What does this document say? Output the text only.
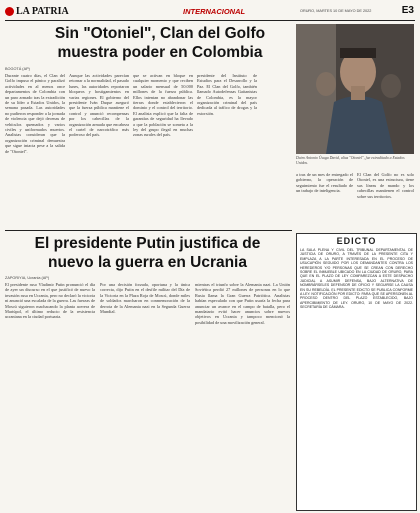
LA PATRIA	INTERNACIONAL	ORURO, MARTES 10 DE MAYO DE 2022	E3
Sin "Otoniel", Clan del Golfo
muestra poder en Colombia
BOGOTÁ (AP)

Durante cuatro días, el Clan del Golfo impuso el pánico y paralizó actividades en al menos once departamentos de Colombia con un paro armado tras la extradición de su líder a Estados Unidos, la semana pasada. Las autoridades no pudieron responder a la jornada de violencia que dejó decenas de vehículos quemados y varios civiles y uniformados muertos. Analistas consideran que la organización criminal demuestra que sigue intacta pese a la salida de "Otoniel".

Aunque las actividades parecían retornar a la normalidad, el pasado lunes, las autoridades reportaron bloqueos y hostigamientos en varias regiones. El gobierno del presidente Iván Duque aseguró que la fuerza pública mantiene el control y anunció recompensas por los cabecillas de la organización armada que encabeza el cartel de narcotráfico más poderoso del país.

que se activan en bloque en cualquier momento y que reciben un salario mensual de 50.000 millones de la fuerza pública. Ellos intentan no abandonar las tierras donde establecieron el dominio y el control del territorio. El analista explicó que la falta de garantías de seguridad ha llevado a que la población se someta a la ley del grupo ilegal en muchas zonas rurales del país.

presidente del Instituto de Estudios para el Desarrollo y la Paz. El Clan del Golfo, también llamado Autodefensas Gaitanistas de Colombia, es la mayor organización criminal del país dedicada al tráfico de drogas y la extorsión.

Dairo Antonio Úsuga David, alias "Otoniel", fue extraditado a Estados Unidos.

a tras de un mes de entregado el gobierno, la operación de seguimiento fue el resultado de un trabajo de inteligencia.

El Clan del Golfo no es solo Otoniel, es una estructura, tiene sus líneas de mando y los cabecillas mantienen el control sobre sus territorios.

El presidente Putin justifica de
nuevo la guerra en Ucrania
ZAPORIYIA, Ucrania (AP)

El presidente ruso Vladimir Putin pronunció el día de ayer un discurso en el que justificó de nuevo la invasión rusa en Ucrania, pero no declaró la victoria ni anunció una escalada de la guerra. Las fuerzas de Moscú siguieron machacando la planta acerera de Mariúpol, el último reducto de la resistencia ucraniana en la ciudad portuaria.

Por una decisión forzada, oportuna y la única correcta, dijo Putin en el desfile militar del Día de la Victoria en la Plaza Roja de Moscú, donde miles de soldados marcharon en conmemoración de la derrota de la Alemania nazi en la Segunda Guerra Mundial.

mientras el triunfo sobre la Alemania nazi. La Unión Soviética perdió 27 millones de personas en lo que Rusia llama la Gran Guerra Patriótica. Analistas habían especulado con que Putin usaría la fecha para anunciar un avance en el campo de batalla, pero el mandatario evitó hacer anuncios sobre nuevos objetivos en Ucrania y tampoco mencionó la posibilidad de una movilización general.

EDICTO
LA SALA PLENA Y CIVIL DEL TRIBUNAL DEPARTAMENTAL DE JUSTICIA DE ORURO, A TRAVÉS DE LA PRESENTE CITA Y EMPLAZA A LA PARTE INTERESADA EN EL PROCESO DE USUCAPIÓN SEGUIDO POR LOS DEMANDANTES CONTRA LOS HEREDEROS Y/O PERSONAS QUE SE CREAN CON DERECHO SOBRE EL INMUEBLE UBICADO EN LA CIUDAD DE ORURO, PARA QUE EN EL PLAZO DE LEY COMPAREZCAN A ESTE DESPACHO JUDICIAL A ASUMIR DEFENSA, BAJO ALTERNATIVA DE NOMBRÁRSELES DEFENSOR DE OFICIO Y SEGUIRSE LA CAUSA EN SU REBELDÍA. EL PRESENTE EDICTO SE PUBLICA CONFORME A LEY. NOTIFICACIÓN POR EDICTO: PARA QUE SE APERSONEN AL PROCESO DENTRO DEL PLAZO ESTABLECIDO, BAJO APERCIBIMIENTO DE LEY. ORURO, 10 DE MAYO DE 2022. SECRETARÍA DE CÁMARA.
